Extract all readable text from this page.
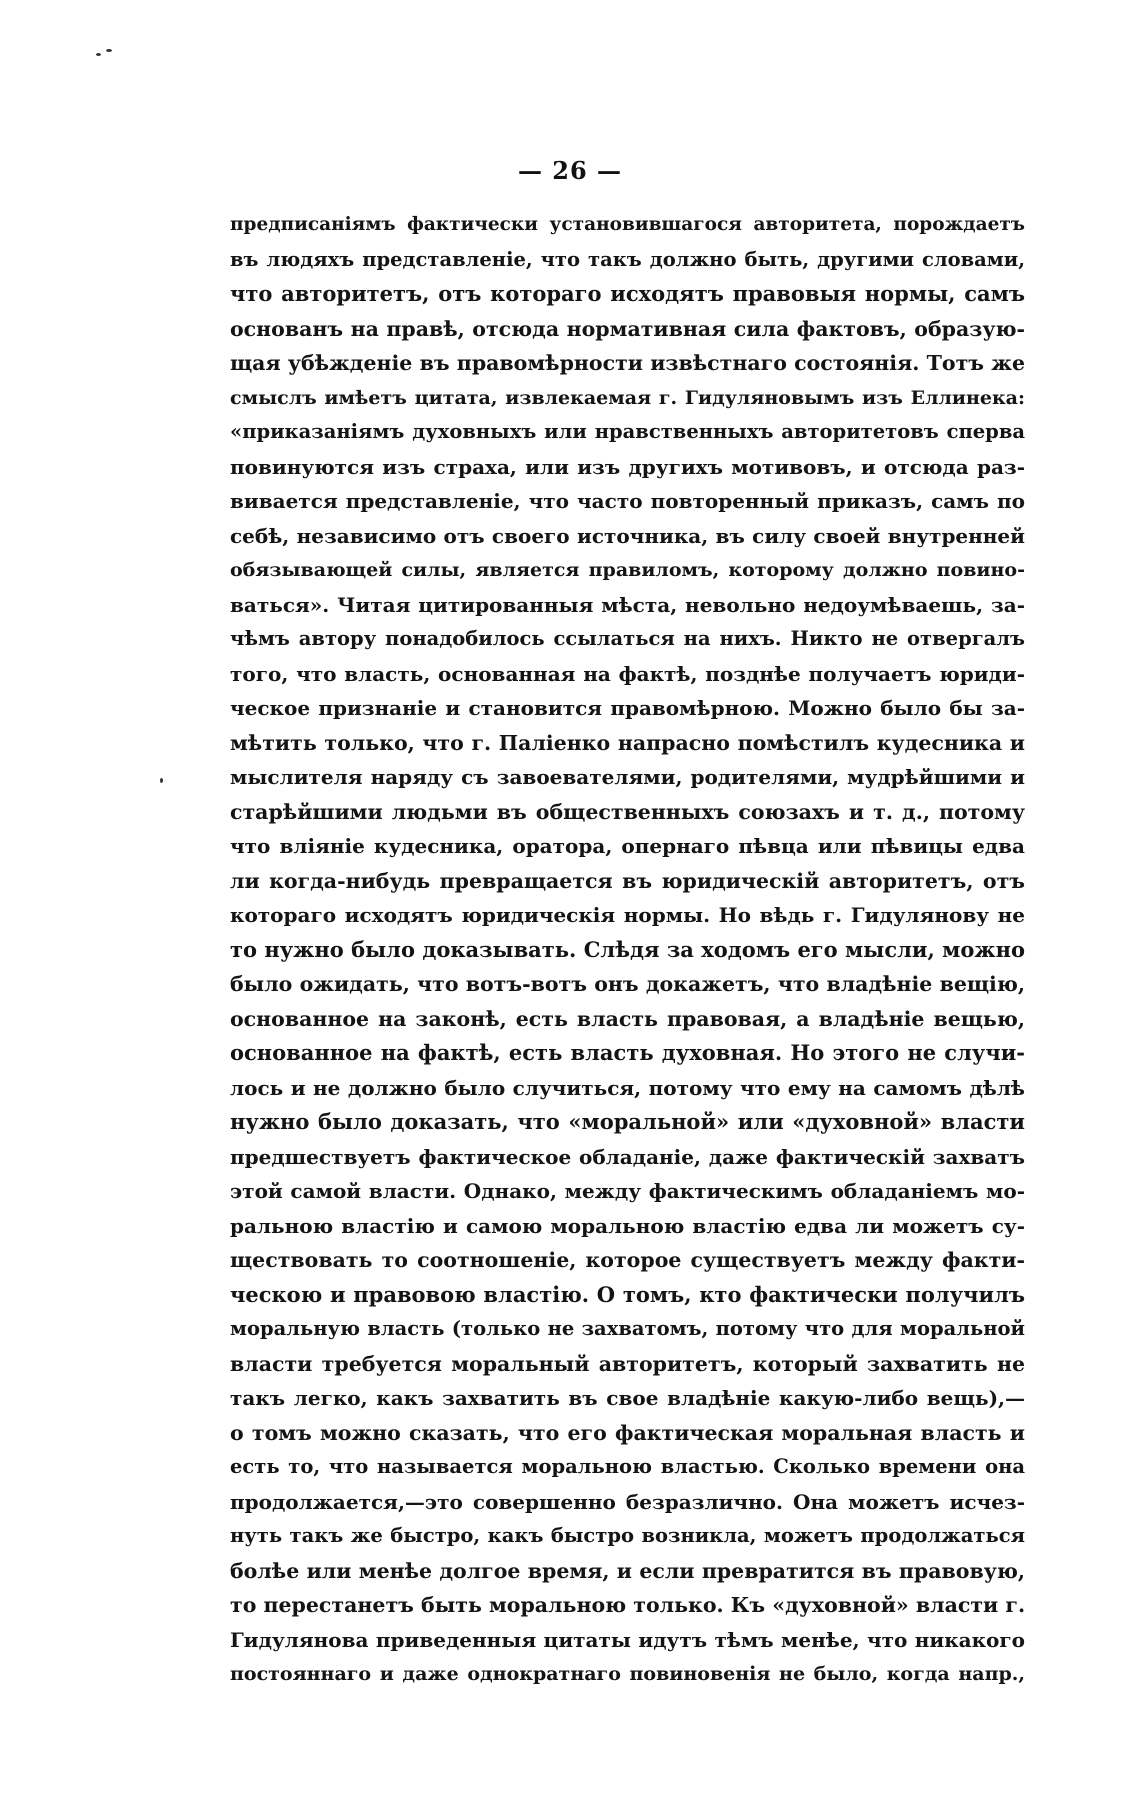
— 26 —
предписаніямъ фактически установившагося авторитета, порождаетъ
въ людяхъ представленіе, что такъ должно быть, другими словами,
что авторитетъ, отъ котораго исходятъ правовыя нормы, самъ
основанъ на правѣ, отсюда нормативная сила фактовъ, образую-
щая убѣжденіе въ правомѣрности извѣстнаго состоянія. Тотъ же
смыслъ имѣетъ цитата, извлекаемая г. Гидуляновымъ изъ Еллинека:
«приказаніямъ духовныхъ или нравственныхъ авторитетовъ сперва
повинуются изъ страха, или изъ другихъ мотивовъ, и отсюда раз-
вивается представленіе, что часто повторенный приказъ, самъ по
себѣ, независимо отъ своего источника, въ силу своей внутренней
обязывающей силы, является правиломъ, которому должно повино-
ваться». Читая цитированныя мѣста, невольно недоумѣваешь, за-
чѣмъ автору понадобилось ссылаться на нихъ. Никто не отвергалъ
того, что власть, основанная на фактѣ, позднѣе получаетъ юриди-
ческое признаніе и становится правомѣрною. Можно было бы за-
мѣтить только, что г. Паліенко напрасно помѣстилъ кудесника и
мыслителя наряду съ завоевателями, родителями, мудрѣйшими и
старѣйшими людьми въ общественныхъ союзахъ и т. д., потому
что вліяніе кудесника, оратора, опернаго пѣвца или пѣвицы едва
ли когда-нибудь превращается въ юридическій авторитетъ, отъ
котораго исходятъ юридическія нормы. Но вѣдь г. Гидулянову не
то нужно было доказывать. Слѣдя за ходомъ его мысли, можно
было ожидать, что вотъ-вотъ онъ докажетъ, что владѣніе вещію,
основанное на законѣ, есть власть правовая, а владѣніе вещью,
основанное на фактѣ, есть власть духовная. Но этого не случи-
лось и не должно было случиться, потому что ему на самомъ дѣлѣ
нужно было доказать, что «моральной» или «духовной» власти
предшествуетъ фактическое обладаніе, даже фактическій захватъ
этой самой власти. Однако, между фактическимъ обладаніемъ мо-
ральною властію и самою моральною властію едва ли можетъ су-
ществовать то соотношеніе, которое существуетъ между факти-
ческою и правовою властію. О томъ, кто фактически получилъ
моральную власть (только не захватомъ, потому что для моральной
власти требуется моральный авторитетъ, который захватить не
такъ легко, какъ захватить въ свое владѣніе какую-либо вещь),—
о томъ можно сказать, что его фактическая моральная власть и
есть то, что называется моральною властью. Сколько времени она
продолжается,—это совершенно безразлично. Она можетъ исчез-
нуть такъ же быстро, какъ быстро возникла, можетъ продолжаться
болѣе или менѣе долгое время, и если превратится въ правовую,
то перестанетъ быть моральною только. Къ «духовной» власти г.
Гидулянова приведенныя цитаты идутъ тѣмъ менѣе, что никакого
постояннаго и даже однократнаго повиновенія не было, когда напр.,
